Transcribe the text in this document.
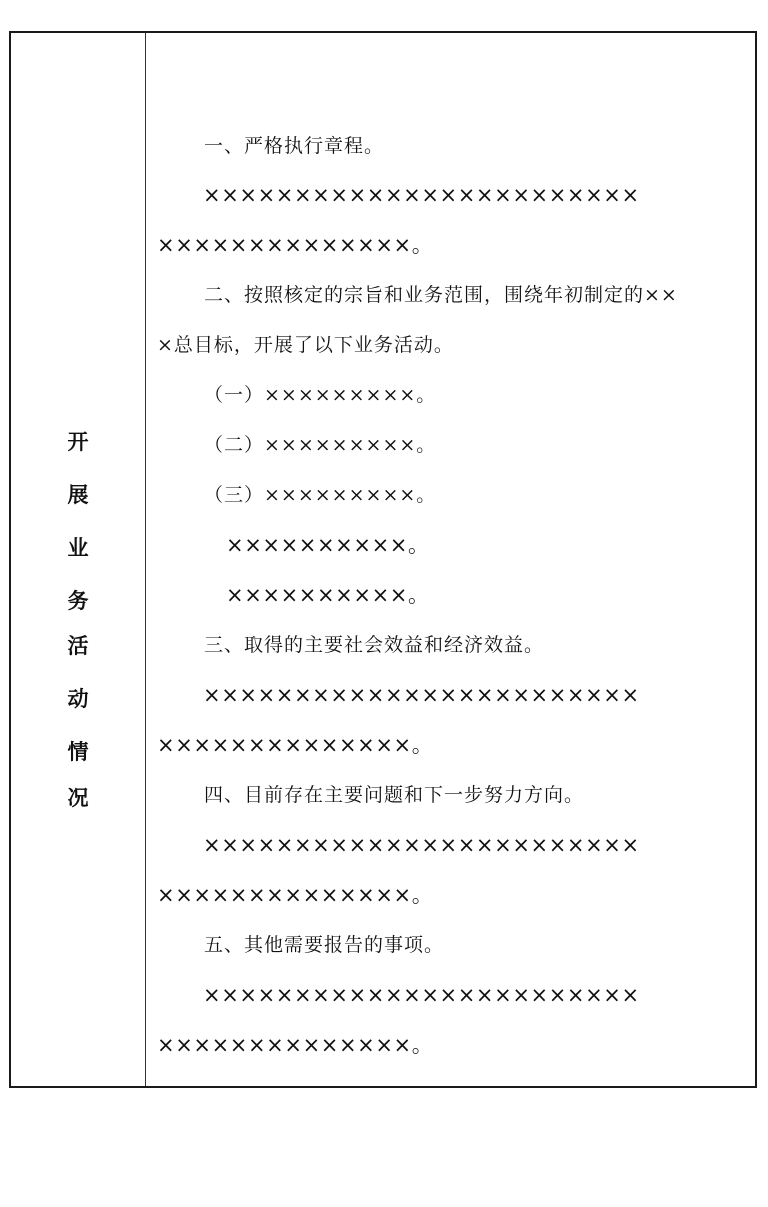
开
展
业
务
活
动
情
况
一、严格执行章程。
××××××××××××××××××××××××
××××××××××××××。
二、按照核定的宗旨和业务范围，围绕年初制定的××
×总目标，开展了以下业务活动。
（一）×××××××××。
（二）×××××××××。
（三）×××××××××。
××××××××××。
××××××××××。
三、取得的主要社会效益和经济效益。
××××××××××××××××××××××××
××××××××××××××。
四、目前存在主要问题和下一步努力方向。
××××××××××××××××××××××××
××××××××××××××。
五、其他需要报告的事项。
××××××××××××××××××××××××
××××××××××××××。
